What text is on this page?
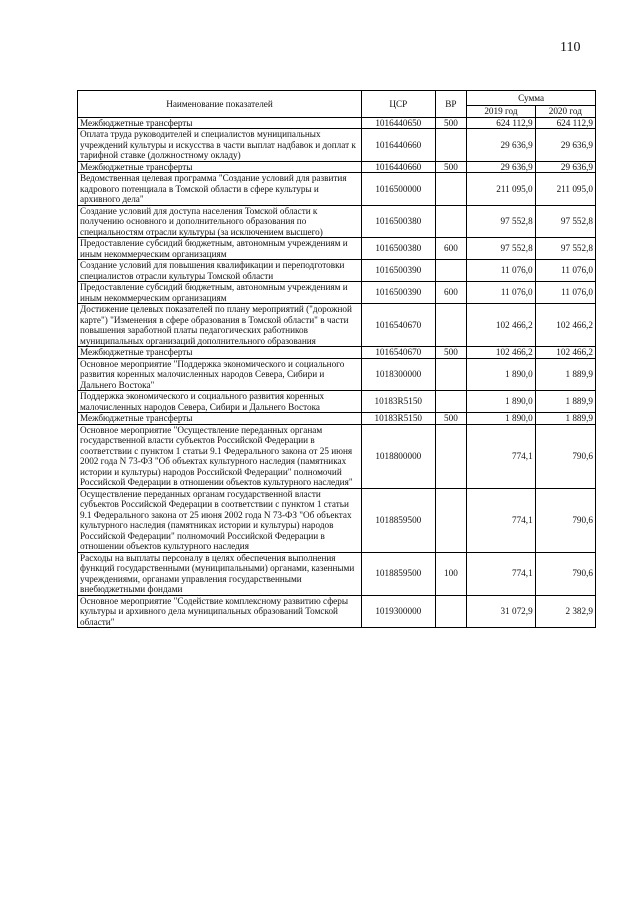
110
Наименование показателей	ЦСР	ВР	Сумма	
			2019 год	2020 год
Межбюджетные трансферты	1016440650	500	624 112,9	624 112,9
Оплата труда руководителей и специалистов муниципальных учреждений культуры и искусства в части выплат надбавок и доплат к тарифной ставке (должностному окладу)	1016440660		29 636,9	29 636,9
Межбюджетные трансферты	1016440660	500	29 636,9	29 636,9
Ведомственная целевая программа "Создание условий для развития кадрового потенциала в Томской области в сфере культуры и архивного дела"	1016500000		211 095,0	211 095,0
Создание условий для доступа населения Томской области к получению основного и дополнительного образования по специальностям отрасли культуры (за исключением высшего)	1016500380		97 552,8	97 552,8
Предоставление субсидий бюджетным, автономным учреждениям и иным некоммерческим организациям	1016500380	600	97 552,8	97 552,8
Создание условий для повышения квалификации и переподготовки специалистов отрасли культуры Томской области	1016500390		11 076,0	11 076,0
Предоставление субсидий бюджетным, автономным учреждениям и иным некоммерческим организациям	1016500390	600	11 076,0	11 076,0
Достижение целевых показателей по плану мероприятий ("дорожной карте") "Изменения в сфере образования в Томской области" в части повышения заработной платы педагогических работников муниципальных организаций дополнительного образования	1016540670		102 466,2	102 466,2
Межбюджетные трансферты	1016540670	500	102 466,2	102 466,2
Основное мероприятие "Поддержка экономического и социального развития коренных малочисленных народов Севера, Сибири и Дальнего Востока"	1018300000		1 890,0	1 889,9
Поддержка экономического и социального развития коренных малочисленных народов Севера, Сибири и Дальнего Востока	10183R5150		1 890,0	1 889,9
Межбюджетные трансферты	10183R5150	500	1 890,0	1 889,9
Основное мероприятие "Осуществление переданных органам государственной власти субъектов Российской Федерации в соответствии с пунктом 1 статьи 9.1 Федерального закона от 25 июня 2002 года N 73-ФЗ "Об объектах культурного наследия (памятниках истории и культуры) народов Российской Федерации" полномочий Российской Федерации в отношении объектов культурного наследия"	1018800000		774,1	790,6
Осуществление переданных органам государственной власти субъектов Российской Федерации в соответствии с пунктом 1 статьи 9.1 Федерального закона от 25 июня 2002 года N 73-ФЗ "Об объектах культурного наследия (памятниках истории и культуры) народов Российской Федерации" полномочий Российской Федерации в отношении объектов культурного наследия	1018859500		774,1	790,6
Расходы на выплаты персоналу в целях обеспечения выполнения функций государственными (муниципальными) органами, казенными учреждениями, органами управления государственными внебюджетными фондами	1018859500	100	774,1	790,6
Основное мероприятие "Содействие комплексному развитию сферы культуры и архивного дела муниципальных образований Томской области"	1019300000		31 072,9	2 382,9
